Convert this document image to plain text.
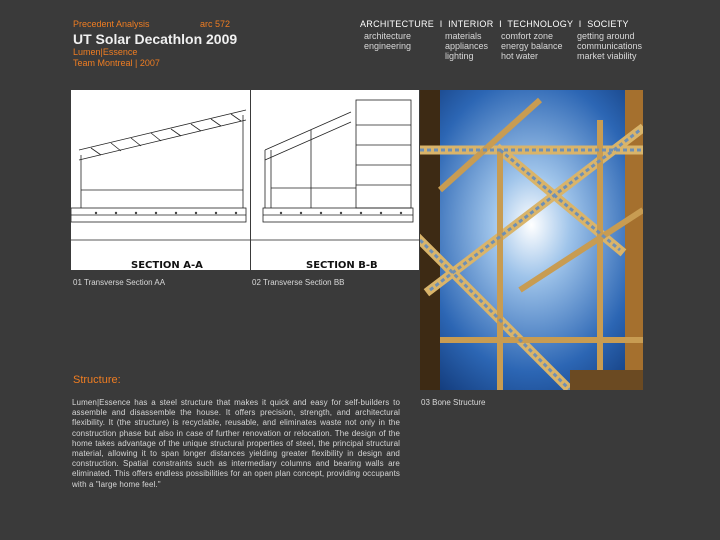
Precedent Analysis	arc 572
UT Solar Decathlon 2009
Lumen|Essence
Team Montreal | 2007
ARCHITECTURE  I  INTERIOR  I  TECHNOLOGY  I  SOCIETY
architecture
engineering
materials
appliances
lighting
comfort zone
energy balance
hot water
getting around
communications
market viability
SECTION A-A	SECTION B-B
01 Transverse Section AA	02 Transverse Section BB
03 Bone Structure
Structure:
Lumen|Essence has a steel structure that makes it quick and easy for self-builders to assemble and disassemble the house. It offers precision, strength, and architectural flexibility. It (the structure) is recyclable, reusable, and eliminates waste not only in the construction phase but also in case of further renovation or relocation. The design of the home takes advantage of the unique structural properties of steel, the principal structural material, allowing it to span longer distances yielding greater flexibility in design and construction. Spatial constraints such as intermediary columns and bearing walls are eliminated. This offers endless possibilities for an open plan concept, providing occupants with a "large home feel."
